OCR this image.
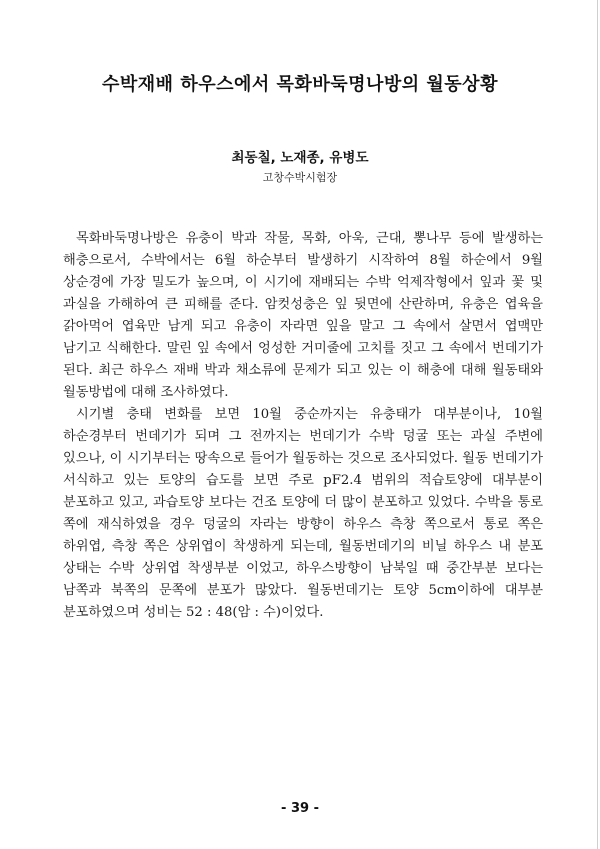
수박재배 하우스에서 목화바둑명나방의 월동상황
최동칠, 노재종, 유병도
고창수박시험장

목화바둑명나방은 유충이 박과 작물, 목화, 아욱, 근대, 뽕나무 등에 발생하는 해충으로서, 수박에서는 6월 하순부터 발생하기 시작하여 8월 하순에서 9월 상순경에 가장 밀도가 높으며, 이 시기에 재배되는 수박 억제작형에서 잎과 꽃 및 과실을 가해하여 큰 피해를 준다. 암컷성충은 잎 뒷면에 산란하며, 유충은 엽육을 갉아먹어 엽육만 남게 되고 유충이 자라면 잎을 말고 그 속에서 살면서 엽맥만 남기고 식해한다. 말린 잎 속에서 엉성한 거미줄에 고치를 짓고 그 속에서 번데기가 된다. 최근 하우스 재배 박과 채소류에 문제가 되고 있는 이 해충에 대해 월동태와 월동방법에 대해 조사하였다.

시기별 충태 변화를 보면 10월 중순까지는 유충태가 대부분이나, 10월 하순경부터 번데기가 되며 그 전까지는 번데기가 수박 덩굴 또는 과실 주변에 있으나, 이 시기부터는 땅속으로 들어가 월동하는 것으로 조사되었다. 월동 번데기가 서식하고 있는 토양의 습도를 보면 주로 pF2.4 범위의 적습토양에 대부분이 분포하고 있고, 과습토양 보다는 건조 토양에 더 많이 분포하고 있었다. 수박을 통로 쪽에 재식하였을 경우 덩굴의 자라는 방향이 하우스 측창 쪽으로서 통로 쪽은 하위엽, 측창 쪽은 상위엽이 착생하게 되는데, 월동번데기의 비닐 하우스 내 분포 상태는 수박 상위엽 착생부분 이었고, 하우스방향이 남북일 때 중간부분 보다는 남쪽과 북쪽의 문쪽에 분포가 많았다. 월동번데기는 토양 5cm이하에 대부분 분포하였으며 성비는 52 : 48(암 : 수)이었다.

- 39 -
